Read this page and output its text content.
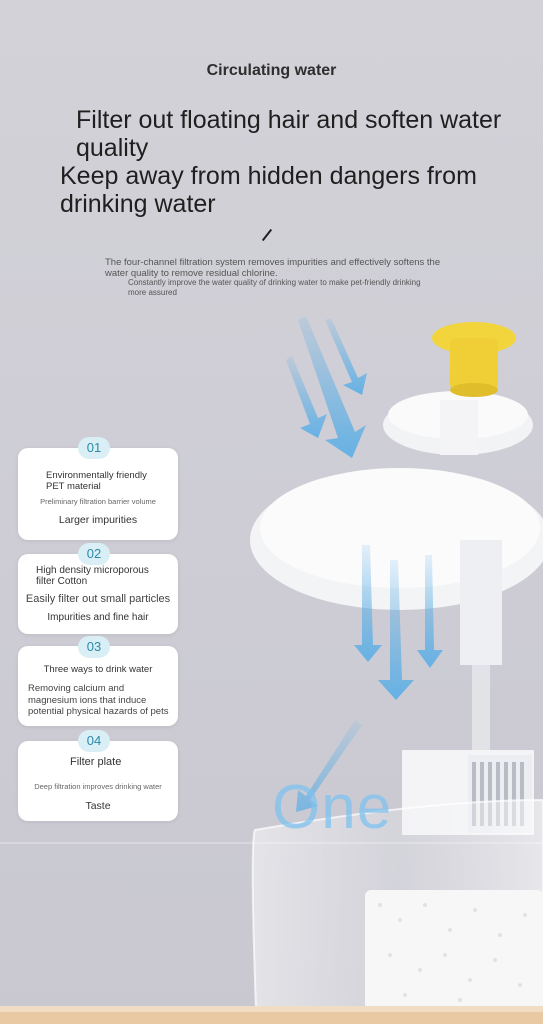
One
Circulating water

Filter out floating hair and soften water quality

Keep away from hidden dangers from drinking water

The four-channel filtration system removes impurities and effectively softens the water quality to remove residual chlorine.

Constantly improve the water quality of drinking water to make pet-friendly drinking more assured

Environmentally friendly PET material
Preliminary filtration barrier volume
Larger impurities
01
High density microporous filter Cotton
Easily filter out small particles
Impurities and fine hair
02
Three ways to drink water
Removing calcium and magnesium ions that induce potential physical hazards of pets
03
Filter plate
Deep filtration improves drinking water
Taste
04
